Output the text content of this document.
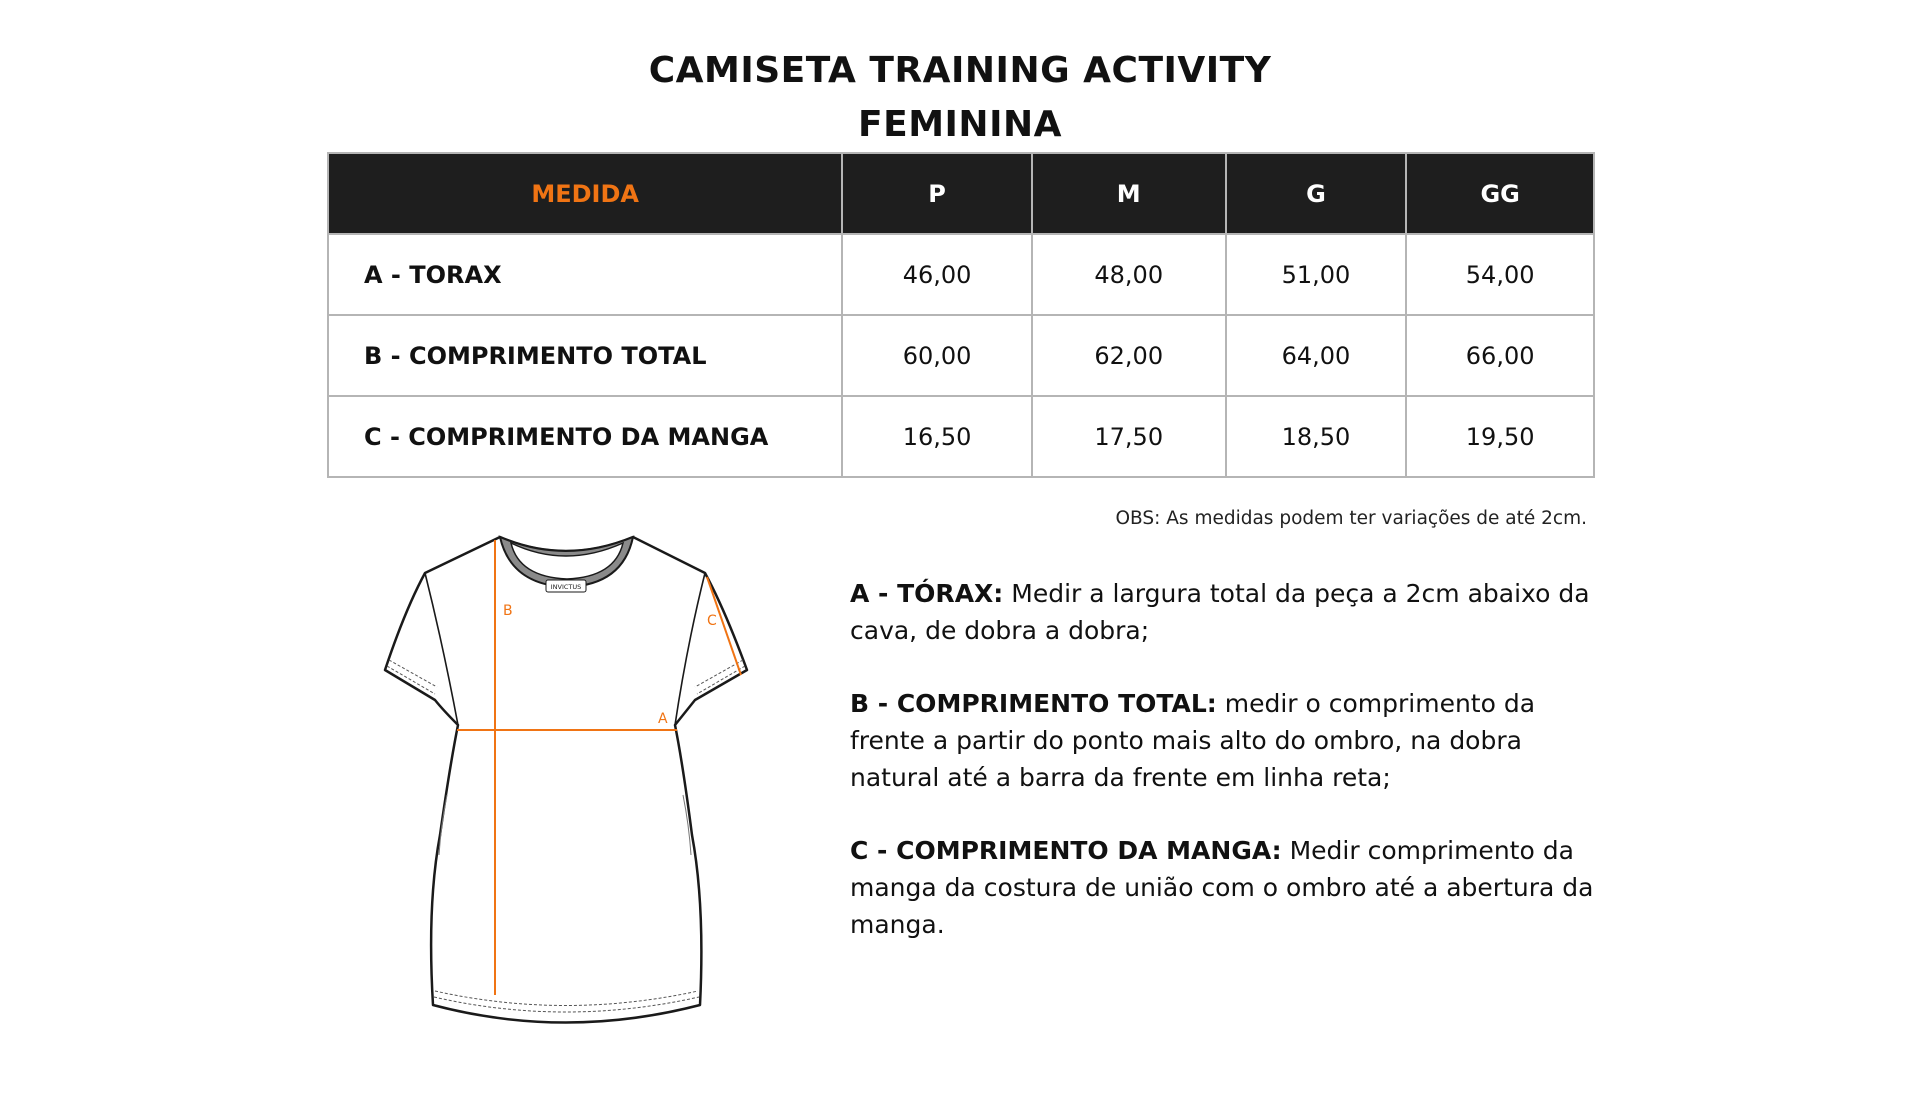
CAMISETA TRAINING ACTIVITY
FEMININA
MEDIDA	P	M	G	GG
A - TORAX	46,00	48,00	51,00	54,00
B - COMPRIMENTO TOTAL	60,00	62,00	64,00	66,00
C - COMPRIMENTO DA MANGA	16,50	17,50	18,50	19,50
OBS: As medidas podem ter variações de até 2cm.
INVICTUS
B
A
C

A - TÓRAX: Medir a largura total da peça a 2cm abaixo da cava, de dobra a dobra;

B - COMPRIMENTO TOTAL: medir o comprimento da frente a partir do ponto mais alto do ombro, na dobra natural até a barra da frente em linha reta;

C - COMPRIMENTO DA MANGA: Medir comprimento da manga da costura de união com o ombro até a abertura da manga.
